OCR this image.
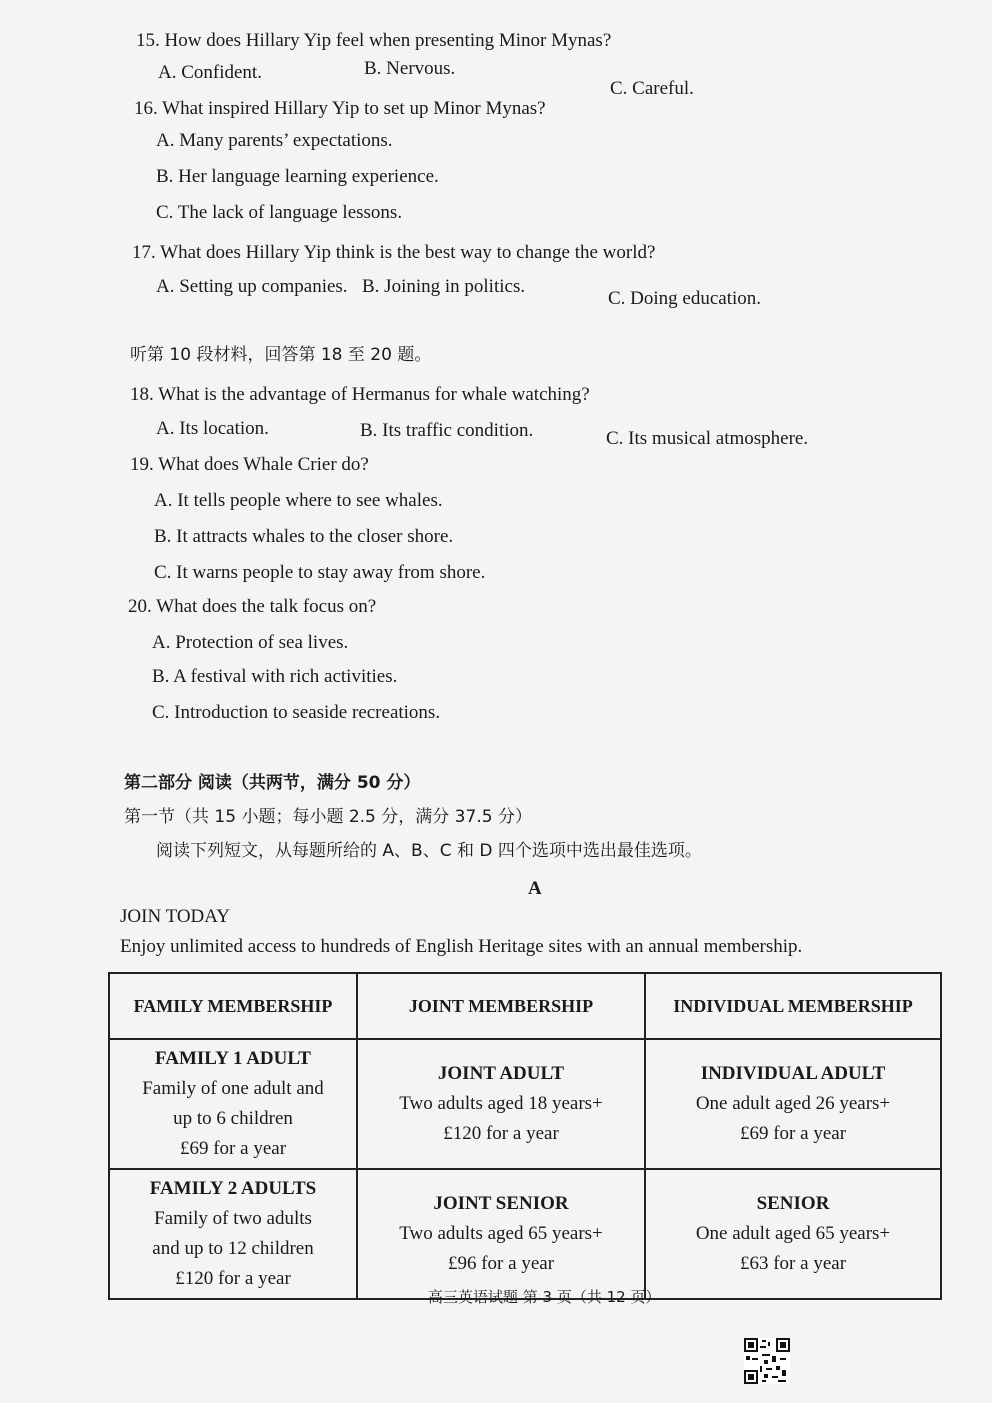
15. How does Hillary Yip feel when presenting Minor Mynas?
A. Confident.	B. Nervous.
C. Careful.
16. What inspired Hillary Yip to set up Minor Mynas?
A. Many parents’ expectations.
B. Her language learning experience.
C. The lack of language lessons.
17. What does Hillary Yip think is the best way to change the world?
A. Setting up companies. B. Joining in politics.
C. Doing education.
听第 10 段材料，回答第 18 至 20 题。
18. What is the advantage of Hermanus for whale watching?
A. Its location.	B. Its traffic condition.	C. Its musical atmosphere.
19. What does Whale Crier do?
A. It tells people where to see whales.
B. It attracts whales to the closer shore.
C. It warns people to stay away from shore.
20. What does the talk focus on?
A. Protection of sea lives.
B. A festival with rich activities.
C. Introduction to seaside recreations.
第二部分 阅读（共两节，满分 50 分）
第一节（共 15 小题；每小题 2.5 分，满分 37.5 分）
阅读下列短文，从每题所给的 A、B、C 和 D 四个选项中选出最佳选项。
A
JOIN TODAY
Enjoy unlimited access to hundreds of English Heritage sites with an annual membership.
FAMILY MEMBERSHIP	JOINT MEMBERSHIP	INDIVIDUAL MEMBERSHIP

FAMILY 1 ADULT
Family of one adult and
up to 6 children
£69 for a year	JOINT ADULT
Two adults aged 18 years+
£120 for a year	INDIVIDUAL ADULT
One adult aged 26 years+
£69 for a year

FAMILY 2 ADULTS
Family of two adults
and up to 12 children
£120 for a year	JOINT SENIOR
Two adults aged 65 years+
£96 for a year	SENIOR
One adult aged 65 years+
£63 for a year
高三英语试题 第 3 页（共 12 页）
